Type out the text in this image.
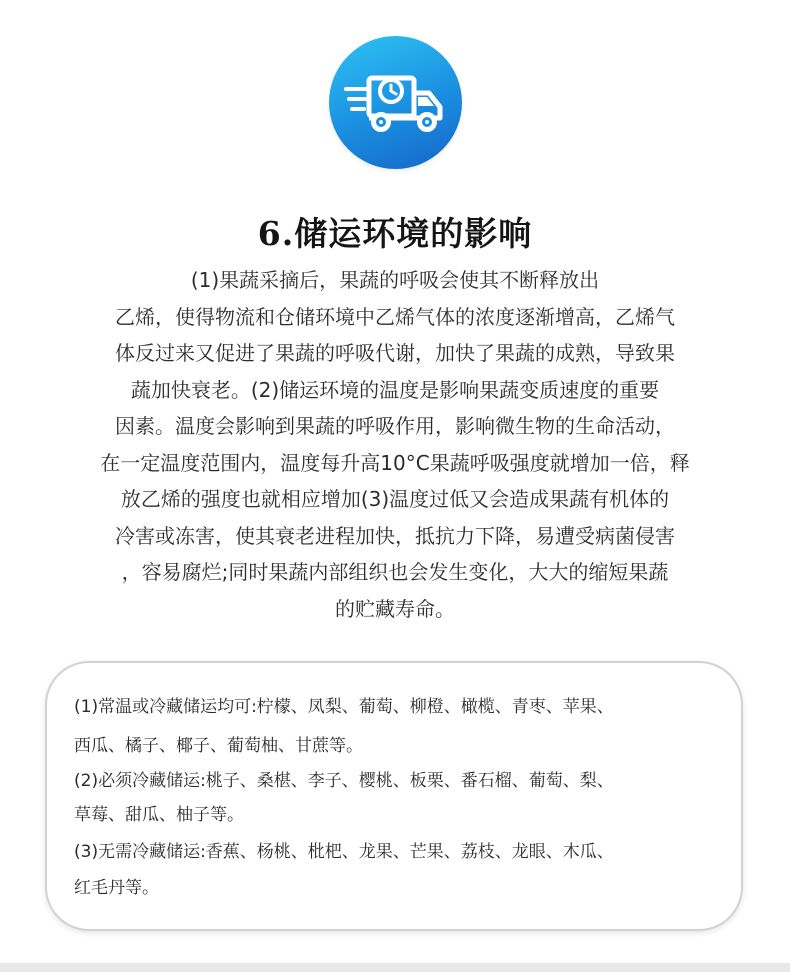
6.储运环境的影响
(1)果蔬采摘后，果蔬的呼吸会使其不断释放出
乙烯，使得物流和仓储环境中乙烯气体的浓度逐渐增高，乙烯气
体反过来又促进了果蔬的呼吸代谢，加快了果蔬的成熟，导致果
蔬加快衰老。(2)储运环境的温度是影响果蔬变质速度的重要
因素。温度会影响到果蔬的呼吸作用，影响微生物的生命活动，
在一定温度范围内，温度每升高10°C果蔬呼吸强度就增加一倍，释
放乙烯的强度也就相应增加(3)温度过低又会造成果蔬有机体的
冷害或冻害，使其衰老进程加快，抵抗力下降，易遭受病菌侵害
，容易腐烂;同时果蔬内部组织也会发生变化，大大的缩短果蔬
的贮藏寿命。
(1)常温或冷藏储运均可:柠檬、凤梨、葡萄、柳橙、橄榄、青枣、苹果、
西瓜、橘子、椰子、葡萄柚、甘蔗等。
(2)必须冷藏储运:桃子、桑椹、李子、樱桃、板栗、番石榴、葡萄、梨、
草莓、甜瓜、柚子等。
(3)无需冷藏储运:香蕉、杨桃、枇杷、龙果、芒果、荔枝、龙眼、木瓜、
红毛丹等。
